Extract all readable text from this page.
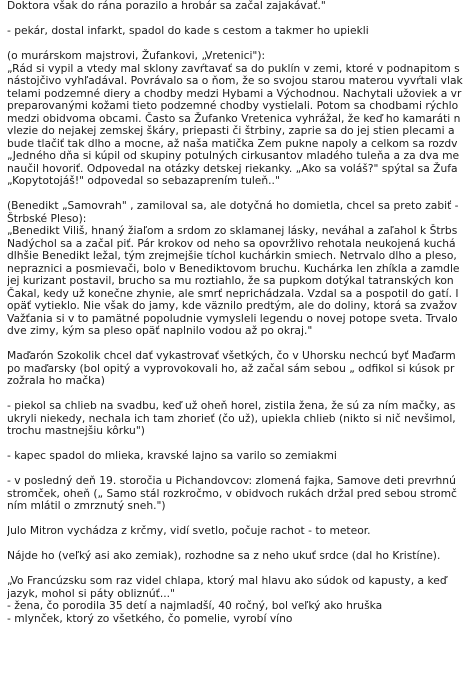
Doktora však do rána porazilo a hrobár sa začal zajakávať."
- pekár, dostal infarkt, spadol do kade s cestom a takmer ho upiekli
(o murárskom majstrovi, Žufankovi, „Vretenici"):
„Rád si vypil a vtedy mal sklony zavŕtavať sa do puklín v zemi, ktoré v podnapitom s
nástojčivo vyhľadával. Povrávalo sa o ňom, že so svojou starou materou vyvŕtali vlak
telami podzemné diery a chodby medzi Hybami a Východnou. Nachytali užoviek a vr
preparovanými kožami tieto podzemné chodby vystielali. Potom sa chodbami rýchlo
medzi obidvoma obcami. Často sa Žufanko Vretenica vyhrážal, že keď ho kamaráti n
vlezie do nejakej zemskej škáry, priepasti či štrbiny, zaprie sa do jej stien plecami a
bude tlačiť tak dlho a mocne, až naša matička Zem pukne napoly a celkom sa rozdv
„Jedného dňa si kúpil od skupiny potulných cirkusantov mladého tuleňa a za dva me
naučil hovoriť. Odpovedal na otázky detskej riekanky. „Ako sa voláš?" spýtal sa Žufa
„Kopytotojáš!" odpovedal so sebazaprením tuleň.."
(Benedikt „Samovrah" , zamiloval sa, ale dotyčná ho domietla, chcel sa preto zabiť -
Štrbské Pleso):
„Benedikt Viliš, hnaný žiaľom a srdom zo sklamanej lásky, neváhal a zaľahol k Štrbs
Nadýchol sa a začal piť. Pár krokov od neho sa opovržlivo rehotala neukojená kuchá
dlhšie Benedikt ležal, tým zrejmejšie tíchol kuchárkin smiech. Netrvalo dlho a pleso,
nepraznici a posmievači, bolo v Benediktovom bruchu. Kuchárka len zhíkla a zamdle
jej kurizant postavil, brucho sa mu roztiahlo, že sa pupkom dotýkal tatranských kon
Čakal, kedy už konečne zhynie, ale smrť neprichádzala. Vzdal sa a pospotil do gatí. I
opäť vytieklo. Nie však do jamy, kde väznilo predtým, ale do doliny, ktorá sa zvažov
Važťania si v to pamätné popoludnie vymysleli legendu o novej potope sveta. Trvalo
dve zimy, kým sa pleso opäť naplnilo vodou až po okraj."
Maďarón Szokolik chcel dať vykastrovať všetkých, čo v Uhorsku nechcú byť Maďarm
po maďarsky (bol opitý a vyprovokovali ho, až začal sám sebou „ odfikol si kúsok pr
zožrala ho mačka)
- piekol sa chlieb na svadbu, keď už oheň horel, zistila žena, že sú za ním mačky, as
ukryli niekedy, nechala ich tam zhorieť (čo už), upiekla chlieb (nikto si nič nevšimol,
trochu mastnejšiu kôrku")
- kapec spadol do mlieka, kravské lajno sa varilo so zemiakmi
- v posledný deň 19. storočia u Pichandovcov: zlomená fajka, Samove deti prevrhnú
stromček, oheň („ Samo stál rozkročmo, v obidvoch rukách držal pred sebou stromč
ním mlátil o zmrznutý sneh.")
Julo Mitron vychádza z krčmy, vidí svetlo, počuje rachot - to meteor.
Nájde ho (veľký asi ako zemiak), rozhodne sa z neho ukuť srdce (dal ho Kristíne).
„Vo Francúzsku som raz videl chlapa, ktorý mal hlavu ako súdok od kapusty, a keď
jazyk, mohol si páty obliznúť..."
- žena, čo porodila 35 detí a najmladší, 40 ročný, bol veľký ako hruška
- mlynček, ktorý zo všetkého, čo pomelie, vyrobí víno
